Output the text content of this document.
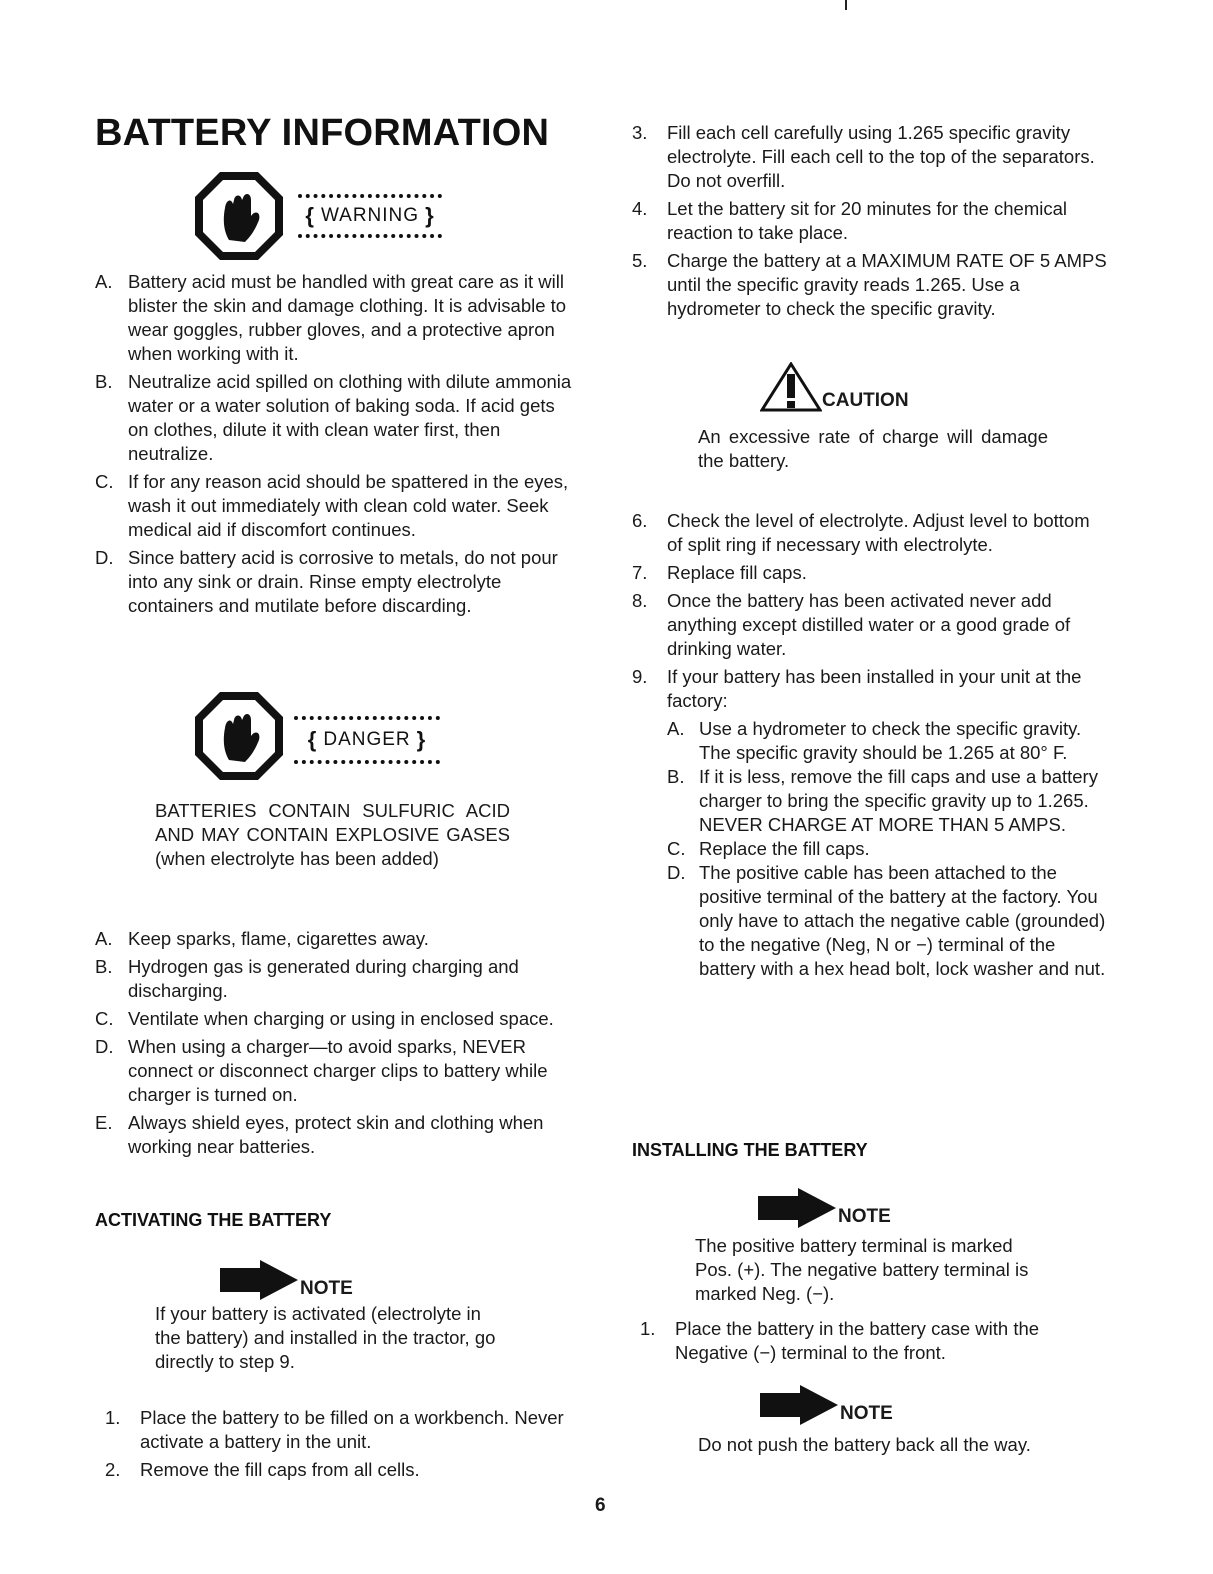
BATTERY INFORMATION
{ WARNING }
A. Battery acid must be handled with great care as it will blister the skin and damage clothing. It is advisable to wear goggles, rubber gloves, and a protective apron when working with it.
B. Neutralize acid spilled on clothing with dilute ammonia water or a water solution of baking soda. If acid gets on clothes, dilute it with clean water first, then neutralize.
C. If for any reason acid should be spattered in the eyes, wash it out immediately with clean cold water. Seek medical aid if discomfort continues.
D. Since battery acid is corrosive to metals, do not pour into any sink or drain. Rinse empty electrolyte containers and mutilate before discarding.
{ DANGER }

BATTERIES CONTAIN SULFURIC ACID AND MAY CONTAIN EXPLOSIVE GASES (when electrolyte has been added)

A. Keep sparks, flame, cigarettes away.
B. Hydrogen gas is generated during charging and discharging.
C. Ventilate when charging or using in enclosed space.
D. When using a charger—to avoid sparks, NEVER connect or disconnect charger clips to battery while charger is turned on.
E. Always shield eyes, protect skin and clothing when working near batteries.
ACTIVATING THE BATTERY
NOTE

If your battery is activated (electrolyte in the battery) and installed in the tractor, go directly to step 9.

1. Place the battery to be filled on a workbench. Never activate a battery in the unit.
2. Remove the fill caps from all cells.
3. Fill each cell carefully using 1.265 specific gravity electrolyte. Fill each cell to the top of the separators. Do not overfill.
4. Let the battery sit for 20 minutes for the chemical reaction to take place.
5. Charge the battery at a MAXIMUM RATE OF 5 AMPS until the specific gravity reads 1.265. Use a hydrometer to check the specific gravity.
CAUTION

An excessive rate of charge will damage the battery.

6. Check the level of electrolyte. Adjust level to bottom of split ring if necessary with electrolyte.
7. Replace fill caps.
8. Once the battery has been activated never add anything except distilled water or a good grade of drinking water.
9. If your battery has been installed in your unit at the factory:
A. Use a hydrometer to check the specific gravity. The specific gravity should be 1.265 at 80° F.
B. If it is less, remove the fill caps and use a battery charger to bring the specific gravity up to 1.265. NEVER CHARGE AT MORE THAN 5 AMPS.
C. Replace the fill caps.
D. The positive cable has been attached to the positive terminal of the battery at the factory. You only have to attach the negative cable (grounded) to the negative (Neg, N or −) terminal of the battery with a hex head bolt, lock washer and nut.
INSTALLING THE BATTERY
NOTE

The positive battery terminal is marked Pos. (+). The negative battery terminal is marked Neg. (−).

1. Place the battery in the battery case with the Negative (−) terminal to the front.
NOTE

Do not push the battery back all the way.

6
